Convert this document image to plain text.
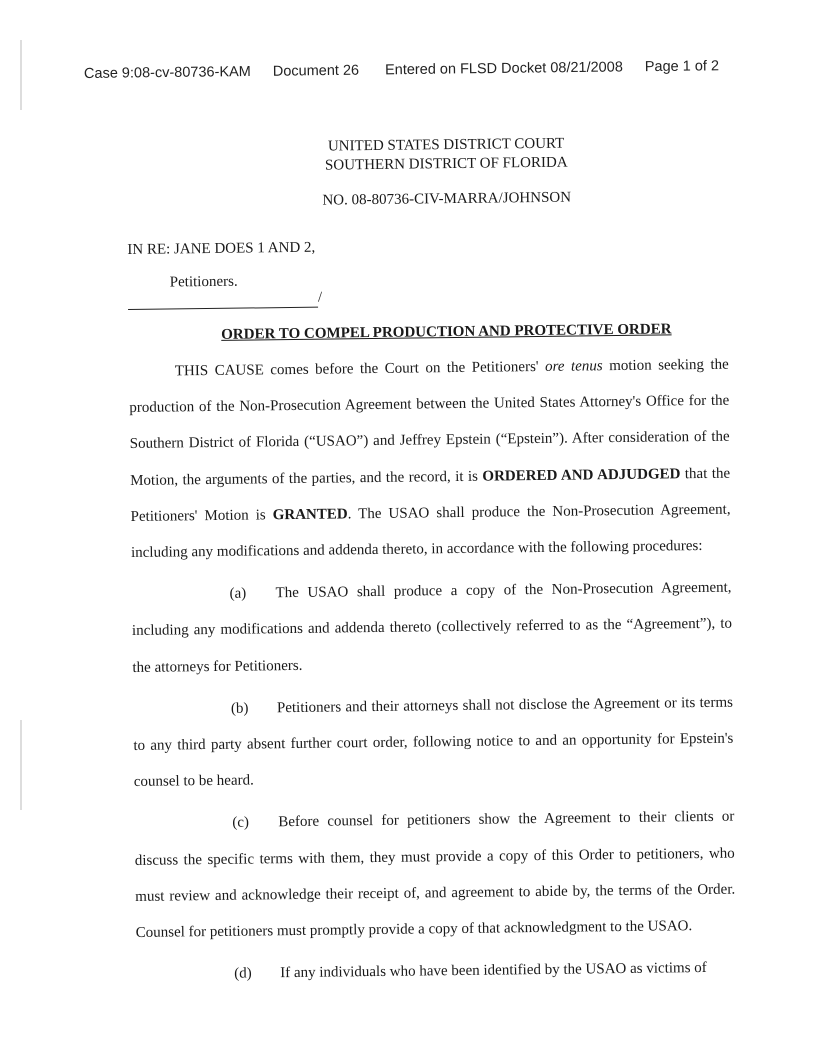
Case 9:08-cv-80736-KAM Document 26 Entered on FLSD Docket 08/21/2008 Page 1 of 2
UNITED STATES DISTRICT COURT
SOUTHERN DISTRICT OF FLORIDA
NO. 08-80736-CIV-MARRA/JOHNSON
IN RE: JANE DOES 1 AND 2,
Petitioners.
/
ORDER TO COMPEL PRODUCTION AND PROTECTIVE ORDER

THIS CAUSE comes before the Court on the Petitioners' ore tenus motion seeking the production of the Non-Prosecution Agreement between the United States Attorney's Office for the Southern District of Florida (“USAO”) and Jeffrey Epstein (“Epstein”). After consideration of the Motion, the arguments of the parties, and the record, it is ORDERED AND ADJUDGED that the Petitioners' Motion is GRANTED. The USAO shall produce the Non-Prosecution Agreement, including any modifications and addenda thereto, in accordance with the following procedures:

(a) The USAO shall produce a copy of the Non-Prosecution Agreement, including any modifications and addenda thereto (collectively referred to as the “Agreement”), to the attorneys for Petitioners.

(b) Petitioners and their attorneys shall not disclose the Agreement or its terms to any third party absent further court order, following notice to and an opportunity for Epstein's counsel to be heard.

(c) Before counsel for petitioners show the Agreement to their clients or discuss the specific terms with them, they must provide a copy of this Order to petitioners, who must review and acknowledge their receipt of, and agreement to abide by, the terms of the Order. Counsel for petitioners must promptly provide a copy of that acknowledgment to the USAO.

(d) If any individuals who have been identified by the USAO as victims of
